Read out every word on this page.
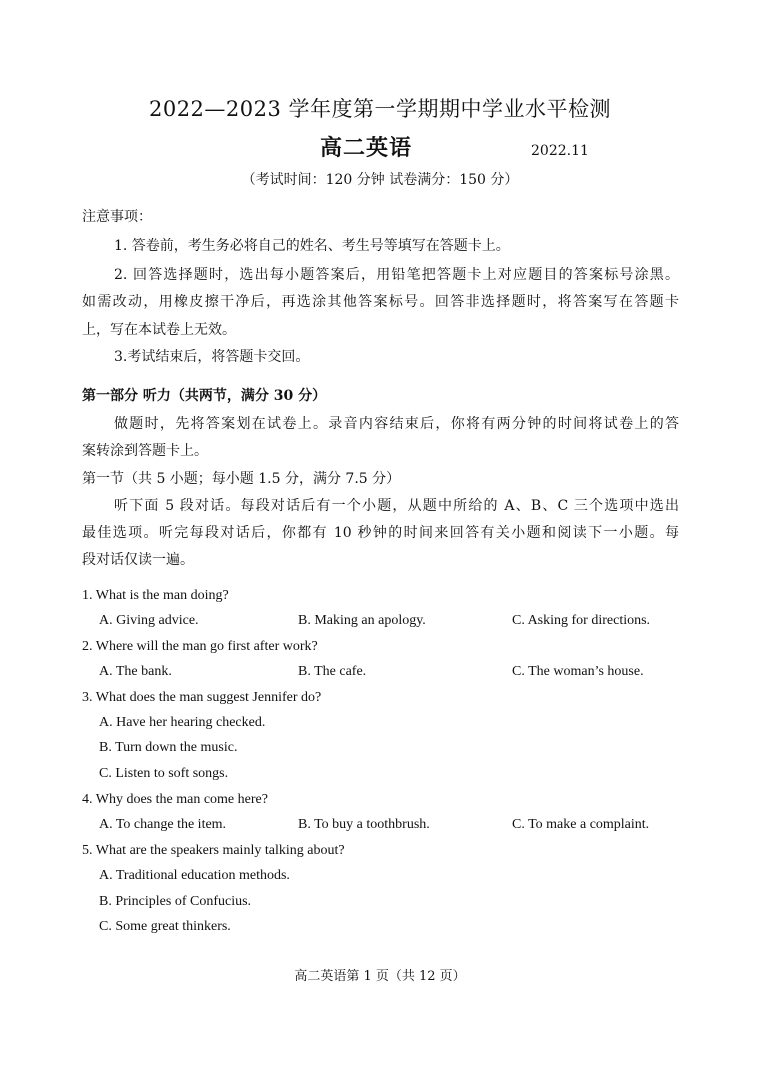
2022—2023 学年度第一学期期中学业水平检测
高二英语	2022.11
（考试时间：120 分钟 试卷满分：150 分）
注意事项：
1. 答卷前，考生务必将自己的姓名、考生号等填写在答题卡上。
2. 回答选择题时，选出每小题答案后，用铅笔把答题卡上对应题目的答案标号涂黑。
如需改动，用橡皮擦干净后，再选涂其他答案标号。回答非选择题时，将答案写在答题卡
上，写在本试卷上无效。
3.考试结束后，将答题卡交回。
第一部分 听力（共两节，满分 30 分）
做题时，先将答案划在试卷上。录音内容结束后，你将有两分钟的时间将试卷上的答
案转涂到答题卡上。
第一节（共 5 小题；每小题 1.5 分，满分 7.5 分）
听下面 5 段对话。每段对话后有一个小题，从题中所给的 A、B、C 三个选项中选出
最佳选项。听完每段对话后，你都有 10 秒钟的时间来回答有关小题和阅读下一小题。每
段对话仅读一遍。
1. What is the man doing?
A. Giving advice.	B. Making an apology.	C. Asking for directions.
2. Where will the man go first after work?
A. The bank.	B. The cafe.	C. The woman’s house.
3. What does the man suggest Jennifer do?
A. Have her hearing checked.
B. Turn down the music.
C. Listen to soft songs.
4. Why does the man come here?
A. To change the item.	B. To buy a toothbrush.	C. To make a complaint.
5. What are the speakers mainly talking about?
A. Traditional education methods.
B. Principles of Confucius.
C. Some great thinkers.
高二英语第 1 页（共 12 页）
